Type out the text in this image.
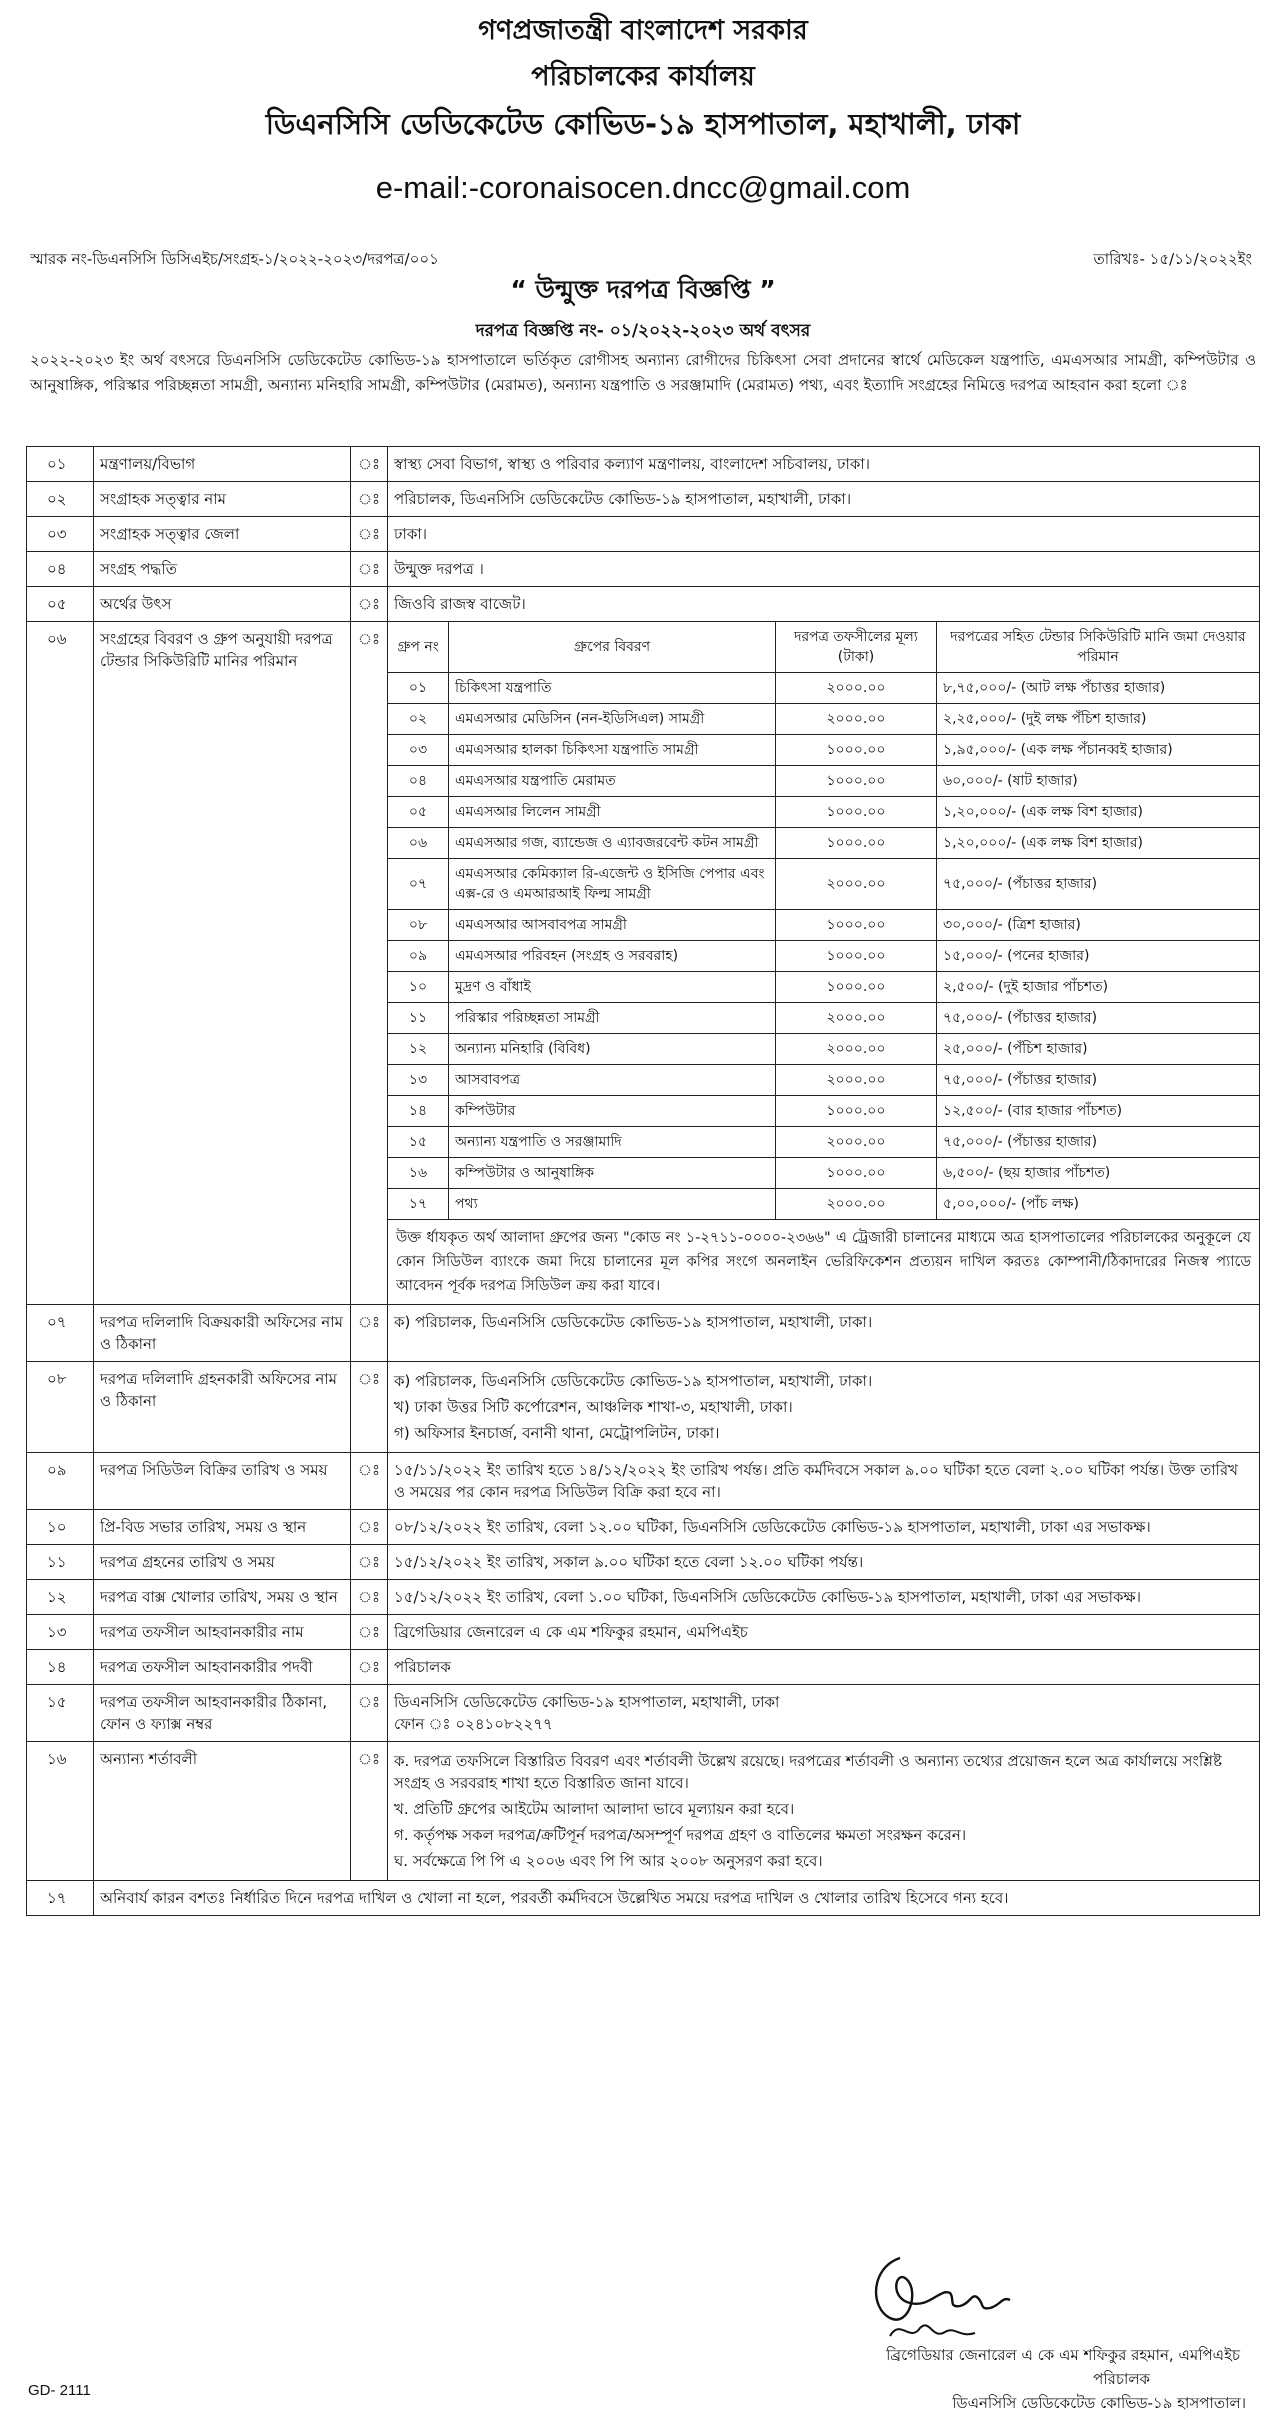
গণপ্রজাতন্ত্রী বাংলাদেশ সরকার
পরিচালকের কার্যালয়
ডিএনসিসি ডেডিকেটেড কোভিড-১৯ হাসপাতাল, মহাখালী, ঢাকা
e-mail:-coronaisocen.dncc@gmail.com
স্মারক নং-ডিএনসিসি ডিসিএইচ/সংগ্রহ-১/২০২২-২০২৩/দরপত্র/০০১	তারিখঃ- ১৫/১১/২০২২ইং
“ উন্মুক্ত দরপত্র বিজ্ঞপ্তি ”
দরপত্র বিজ্ঞপ্তি নং- ০১/২০২২-২০২৩ অর্থ বৎসর
২০২২-২০২৩ ইং অর্থ বৎসরে ডিএনসিসি ডেডিকেটেড কোভিড-১৯ হাসপাতালে ভর্তিকৃত রোগীসহ অন্যান্য রোগীদের চিকিৎসা সেবা প্রদানের স্বার্থে মেডিকেল যন্ত্রপাতি, এমএসআর সামগ্রী, কম্পিউটার ও আনুষাঙ্গিক, পরিস্কার পরিচ্ছন্নতা সামগ্রী, অন্যান্য মনিহারি সামগ্রী, কম্পিউটার (মেরামত), অন্যান্য যন্ত্রপাতি ও সরঞ্জামাদি (মেরামত) পথ্য, এবং ইত্যাদি সংগ্রহের নিমিত্তে দরপত্র আহবান করা হলো ঃ
০১	মন্ত্রণালয়/বিভাগ	ঃ	স্বাস্থ্য সেবা বিভাগ, স্বাস্থ্য ও পরিবার কল্যাণ মন্ত্রণালয়, বাংলাদেশ সচিবালয়, ঢাকা।
০২	সংগ্রাহক সত্ত্বার নাম	ঃ	পরিচালক, ডিএনসিসি ডেডিকেটেড কোভিড-১৯ হাসপাতাল, মহাখালী, ঢাকা।
০৩	সংগ্রাহক সত্ত্বার জেলা	ঃ	ঢাকা।
০৪	সংগ্রহ পদ্ধতি	ঃ	উন্মুক্ত দরপত্র ।
০৫	অর্থের উৎস	ঃ	জিওবি রাজস্ব বাজেট।
০৬	সংগ্রহের বিবরণ ও গ্রুপ অনুযায়ী দরপত্র টেন্ডার সিকিউরিটি মানির পরিমান	ঃ	গ্রুপ নং	গ্রুপের বিবরণ	দরপত্র তফসীলের মূল্য (টাকা)	দরপত্রের সহিত টেন্ডার সিকিউরিটি মানি জমা দেওয়ার পরিমান
০১	চিকিৎসা যন্ত্রপাতি	২০০০.০০	৮,৭৫,০০০/- (আট লক্ষ পঁচাত্তর হাজার)
০২	এমএসআর মেডিসিন (নন-ইডিসিএল) সামগ্রী	২০০০.০০	২,২৫,০০০/- (দুই লক্ষ পঁচিশ হাজার)
০৩	এমএসআর হালকা চিকিৎসা যন্ত্রপাতি সামগ্রী	১০০০.০০	১,৯৫,০০০/- (এক লক্ষ পঁচানব্বই হাজার)
০৪	এমএসআর যন্ত্রপাতি মেরামত	১০০০.০০	৬০,০০০/- (ষাট হাজার)
০৫	এমএসআর লিলেন সামগ্রী	১০০০.০০	১,২০,০০০/- (এক লক্ষ বিশ হাজার)
০৬	এমএসআর গজ, ব্যান্ডেজ ও এ্যাবজরবেন্ট কটন সামগ্রী	১০০০.০০	১,২০,০০০/- (এক লক্ষ বিশ হাজার)
০৭	এমএসআর কেমিক্যাল রি-এজেন্ট ও ইসিজি পেপার এবং এক্স-রে ও এমআরআই ফিল্ম সামগ্রী	২০০০.০০	৭৫,০০০/- (পঁচাত্তর হাজার)
০৮	এমএসআর আসবাবপত্র সামগ্রী	১০০০.০০	৩০,০০০/- (ত্রিশ হাজার)
০৯	এমএসআর পরিবহন (সংগ্রহ ও সরবরাহ)	১০০০.০০	১৫,০০০/- (পনের হাজার)
১০	মুদ্রণ ও বাঁধাই	১০০০.০০	২,৫০০/- (দুই হাজার পাঁচশত)
১১	পরিস্কার পরিচ্ছন্নতা সামগ্রী	২০০০.০০	৭৫,০০০/- (পঁচাত্তর হাজার)
১২	অন্যান্য মনিহারি (বিবিধ)	২০০০.০০	২৫,০০০/- (পঁচিশ হাজার)
১৩	আসবাবপত্র	২০০০.০০	৭৫,০০০/- (পঁচাত্তর হাজার)
১৪	কম্পিউটার	১০০০.০০	১২,৫০০/- (বার হাজার পাঁচশত)
১৫	অন্যান্য যন্ত্রপাতি ও সরঞ্জামাদি	২০০০.০০	৭৫,০০০/- (পঁচাত্তর হাজার)
১৬	কম্পিউটার ও আনুষাঙ্গিক	১০০০.০০	৬,৫০০/- (ছয় হাজার পাঁচশত)
১৭	পথ্য	২০০০.০০	৫,০০,০০০/- (পাঁচ লক্ষ)
উক্ত র্ধাযকৃত অর্থ আলাদা গ্রুপের জন্য "কোড নং ১-২৭১১-০০০০-২৩৬৬" এ ট্রেজারী চালানের মাধ্যমে অত্র হাসপাতালের পরিচালকের অনুকূলে যে কোন সিডিউল ব্যাংকে জমা দিয়ে চালানের মূল কপির সংগে অনলাইন ভেরিফিকেশন প্রত্যয়ন দাখিল করতঃ কোম্পানী/ঠিকাদারের নিজস্ব প্যাডে আবেদন পূর্বক দরপত্র সিডিউল ক্রয় করা যাবে।

০৭	দরপত্র দলিলাদি বিক্রয়কারী অফিসের নাম ও ঠিকানা	ঃ	ক) পরিচালক, ডিএনসিসি ডেডিকেটেড কোভিড-১৯ হাসপাতাল, মহাখালী, ঢাকা।
০৮	দরপত্র দলিলাদি গ্রহনকারী অফিসের নাম ও ঠিকানা	ঃ	ক) পরিচালক, ডিএনসিসি ডেডিকেটেড কোভিড-১৯ হাসপাতাল, মহাখালী, ঢাকা।
খ) ঢাকা উত্তর সিটি কর্পোরেশন, আঞ্চলিক শাখা-৩, মহাখালী, ঢাকা।
গ) অফিসার ইনচার্জ, বনানী থানা, মেট্রোপলিটন, ঢাকা।

০৯	দরপত্র সিডিউল বিক্রির তারিখ ও সময়	ঃ	১৫/১১/২০২২ ইং তারিখ হতে ১৪/১২/২০২২ ইং তারিখ পর্যন্ত। প্রতি কর্মদিবসে সকাল ৯.০০ ঘটিকা হতে বেলা ২.০০ ঘটিকা পর্যন্ত। উক্ত তারিখ ও সময়ের পর কোন দরপত্র সিডিউল বিক্রি করা হবে না।
১০	প্রি-বিড সভার তারিখ, সময় ও স্থান	ঃ	০৮/১২/২০২২ ইং তারিখ, বেলা ১২.০০ ঘটিকা, ডিএনসিসি ডেডিকেটেড কোভিড-১৯ হাসপাতাল, মহাখালী, ঢাকা এর সভাকক্ষ।
১১	দরপত্র গ্রহনের তারিখ ও সময়	ঃ	১৫/১২/২০২২ ইং তারিখ, সকাল ৯.০০ ঘটিকা হতে বেলা ১২.০০ ঘটিকা পর্যন্ত।
১২	দরপত্র বাক্স খোলার তারিখ, সময় ও স্থান	ঃ	১৫/১২/২০২২ ইং তারিখ, বেলা ১.০০ ঘটিকা, ডিএনসিসি ডেডিকেটেড কোভিড-১৯ হাসপাতাল, মহাখালী, ঢাকা এর সভাকক্ষ।
১৩	দরপত্র তফসীল আহবানকারীর নাম	ঃ	ব্রিগেডিয়ার জেনারেল এ কে এম শফিকুর রহমান, এমপিএইচ
১৪	দরপত্র তফসীল আহবানকারীর পদবী	ঃ	পরিচালক
১৫	দরপত্র তফসীল আহবানকারীর ঠিকানা, ফোন ও ফ্যাক্স নম্বর	ঃ	ডিএনসিসি ডেডিকেটেড কোভিড-১৯ হাসপাতাল, মহাখালী, ঢাকা
ফোন ঃ ০২৪১০৮২২৭৭

১৬	অন্যান্য শর্তাবলী	ঃ	ক. দরপত্র তফসিলে বিস্তারিত বিবরণ এবং শর্তাবলী উল্লেখ রয়েছে। দরপত্রের শর্তাবলী ও অন্যান্য তথ্যের প্রয়োজন হলে অত্র কার্যালয়ে সংশ্লিষ্ট সংগ্রহ ও সরবরাহ শাখা হতে বিস্তারিত জানা যাবে।
খ. প্রতিটি গ্রুপের আইটেম আলাদা আলাদা ভাবে মূল্যায়ন করা হবে।
গ. কর্তৃপক্ষ সকল দরপত্র/ক্রটিপূর্ন দরপত্র/অসম্পূর্ণ দরপত্র গ্রহণ ও বাতিলের ক্ষমতা সংরক্ষন করেন।
ঘ. সর্বক্ষেত্রে পি পি এ ২০০৬ এবং পি পি আর ২০০৮ অনুসরণ করা হবে।

১৭	অনিবার্য কারন বশতঃ নির্ধারিত দিনে দরপত্র দাখিল ও খোলা না হলে, পরবর্তী কর্মদিবসে উল্লেখিত সময়ে দরপত্র দাখিল ও খোলার তারিখ হিসেবে গন্য হবে।
ব্রিগেডিয়ার জেনারেল এ কে এম শফিকুর রহমান, এমপিএইচ
পরিচালক
ডিএনসিসি ডেডিকেটেড কোভিড-১৯ হাসপাতাল।
GD- 2111
